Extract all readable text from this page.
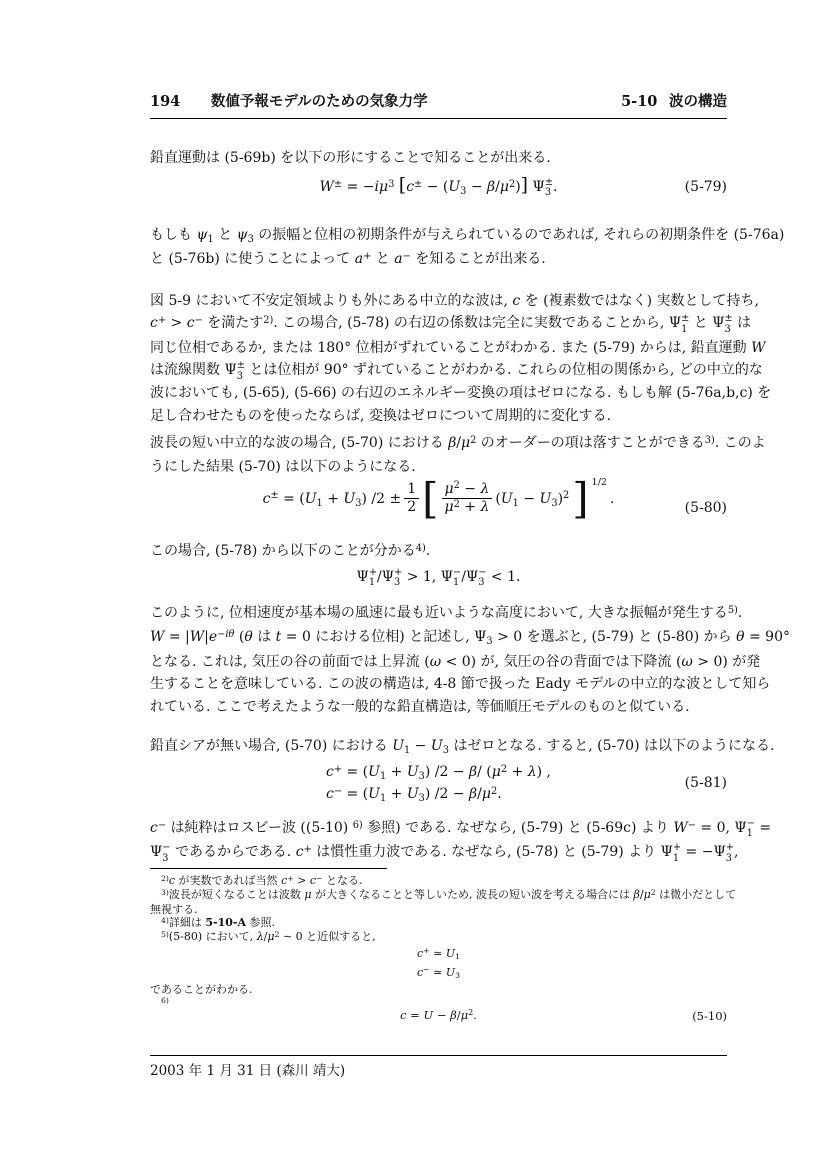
194 数値予報モデルのための気象力学	5-10 波の構造
鉛直運動は (5-69b) を以下の形にすることで知ることが出来る.
$W^\pm = -i\mu^3$ $[c^\pm - (U3 - \beta/\mu^2)]$ Ψ ±
3 .	(5-79)
もしも ψ1 と ψ3 の振幅と位相の初期条件が与えられているのであれば, それらの初期条件を (5-76a)
と (5-76b) に使うことによって a+ と a− を知ることが出来る.
図 5-9 において不安定領域よりも外にある中立的な波は, c を (複素数ではなく) 実数として持ち,
c+ > c− を満たす$^{2)}$. この場合, (5-78) の右辺の係数は完全に実数であることから, Ψ ±
1 と Ψ ±
3 は
同じ位相であるか, または 180° 位相がずれていることがわかる. また (5-79) からは, 鉛直運動 W
は流線関数 Ψ ±
3 とは位相が 90° ずれていることがわかる. これらの位相の関係から, どの中立的な
波においても, (5-65), (5-66) の右辺のエネルギー変換の項はゼロになる. もしも解 (5-76a,b,c) を
足し合わせたものを使ったならば, 変換はゼロについて周期的に変化する.
波長の短い中立的な波の場合, (5-70) における $\beta/\mu^2$ のオーダーの項は落すことができる$^{3)}$. このよ
うにした結果 (5-70) は以下のようになる.
c± = (U1 + U3) $/2 \pm \frac{1}{2}$ [ $\frac{\mu^2 - \lambda}{\mu^2 + \lambda} (U1 - U3)^2$ ] 1/2
.
(5-80)
この場合, (5-78) から以下のことが分かる$^{4)}$.
Ψ +
1 /Ψ +
3 > 1, Ψ −
1 /Ψ −
3 < 1.
このように, 位相速度が基本場の風速に最も近いような高度において, 大きな振幅が発生する$^{5)}$.
$W = |W|e^{-i\theta}$ (θ は t = 0 における位相) と記述し, Ψ3 > 0 を選ぶと, (5-79) と (5-80) から θ = 90°
となる. これは, 気圧の谷の前面では上昇流 (ω < 0) が, 気圧の谷の背面では下降流 (ω > 0) が発
生することを意味している. この波の構造は, 4-8 節で扱った Eady モデルの中立的な波として知ら
れている. ここで考えたような一般的な鉛直構造は, 等価順圧モデルのものと似ている.
鉛直シアが無い場合, (5-70) における U1 − U3 はゼロとなる. すると, (5-70) は以下のようになる.
c+ = (U1 + U3) /2 − β/ $(\mu^2 + \lambda)$ ,
c− = (U1 + U3) $/2 - \beta/\mu^2$.
(5-81)
c− は純粋はロスビー波 ((5-10) $^{6)}$ 参照) である. なぜなら, (5-79) と (5-69c) より W− = 0, Ψ −
1 =
Ψ −
3 であるからである. c+ は慣性重力波である. なぜなら, (5-78) と (5-79) より Ψ +
1 = −Ψ +
3 ,
$^{2)}$c が実数であれば当然 c+ > c− となる.
$^{3)}$波長が短くなることは波数 μ が大きくなることと等しいため, 波長の短い波を考える場合には $\beta/\mu^2$ は微小だとして
無視する.
$^{4)}$詳細は 5-10-A 参照.
$^{5)}$(5-80) において, $\lambda/\mu^2$ ∼ 0 と近似すると,
c+ ≃ U1
c− ≃ U3
であることがわかる.
$^{6)}$
$c = U - \beta/\mu^2$.	(5-10)
2003 年 1 月 31 日 (森川 靖大)
